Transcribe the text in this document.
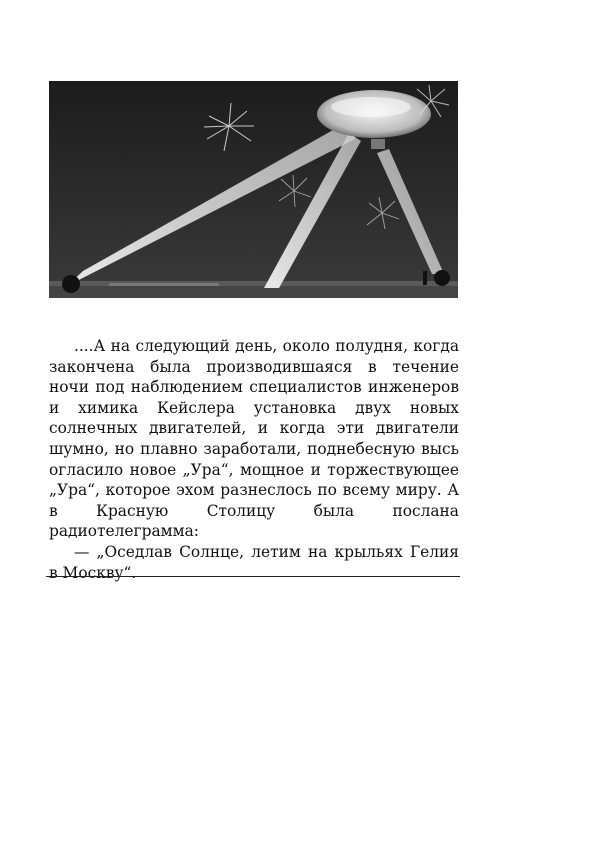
....А на следующий день, около полудня, когда закончена была производившаяся в течение ночи под наблюдением специалистов инженеров и химика Кейслера установка двух новых солнечных двигателей, и когда эти двигатели шумно, но плавно заработали, поднебесную высь огласило новое „Ура“, мощное и торжествующее „Ура“, которое эхом разнеслось по всему миру. А в Красную Столицу была послана радиотелеграмма:

— „Оседлав Солнце, летим на крыльях Гелия в Москву“.
